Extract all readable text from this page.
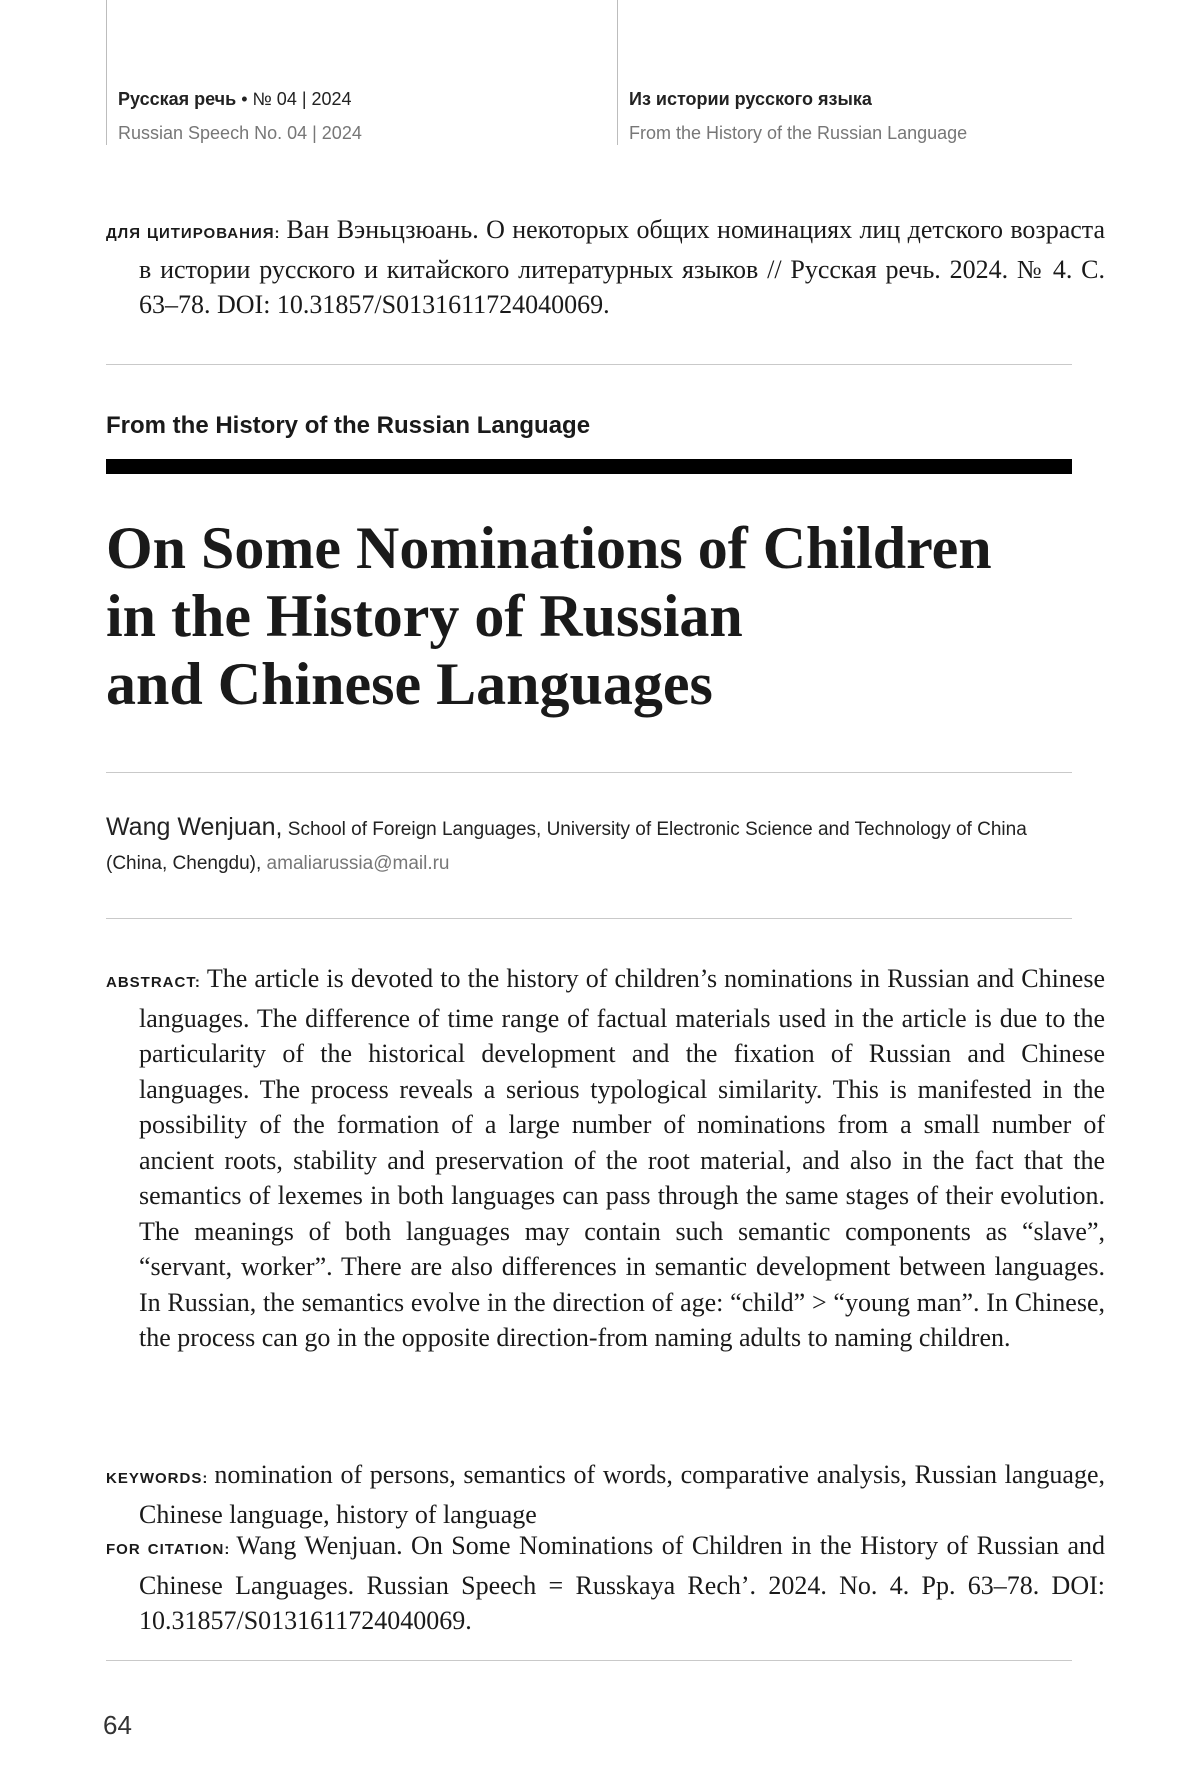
Русская речь • № 04 | 2024
Russian Speech No. 04 | 2024
Из истории русского языка
From the History of the Russian Language

ДЛЯ ЦИТИРОВАНИЯ: Ван Вэньцзюань. О некоторых общих номинациях лиц детского возраста в истории русского и китайского литературных языков // Русская речь. 2024. № 4. С. 63–78. DOI: 10.31857/S0131611724040069.

From the History of the Russian Language
On Some Nominations of Children
in the History of Russian
and Chinese Languages
Wang Wenjuan, School of Foreign Languages, University of Electronic Science and Technology of China (China, Chengdu), amaliarussia@mail.ru

ABSTRACT: The article is devoted to the history of children’s nominations in Russian and Chinese languages. The difference of time range of factual materials used in the article is due to the particularity of the historical development and the fixation of Russian and Chinese languages. The process reveals a serious typological similarity. This is manifested in the possibility of the formation of a large number of nominations from a small number of ancient roots, stability and preservation of the root material, and also in the fact that the semantics of lexemes in both languages can pass through the same stages of their evolution. The meanings of both languages may contain such semantic components as “slave”, “servant, worker”. There are also differences in semantic development between languages. In Russian, the semantics evolve in the direction of age: “child” > “young man”. In Chinese, the process can go in the opposite direction-from naming adults to naming children.

KEYWORDS: nomination of persons, semantics of words, comparative analysis, Russian language, Chinese language, history of language

FOR CITATION: Wang Wenjuan. On Some Nominations of Children in the History of Russian and Chinese Languages. Russian Speech = Russkaya Rech’. 2024. No. 4. Pp. 63–78. DOI: 10.31857/S0131611724040069.

64
